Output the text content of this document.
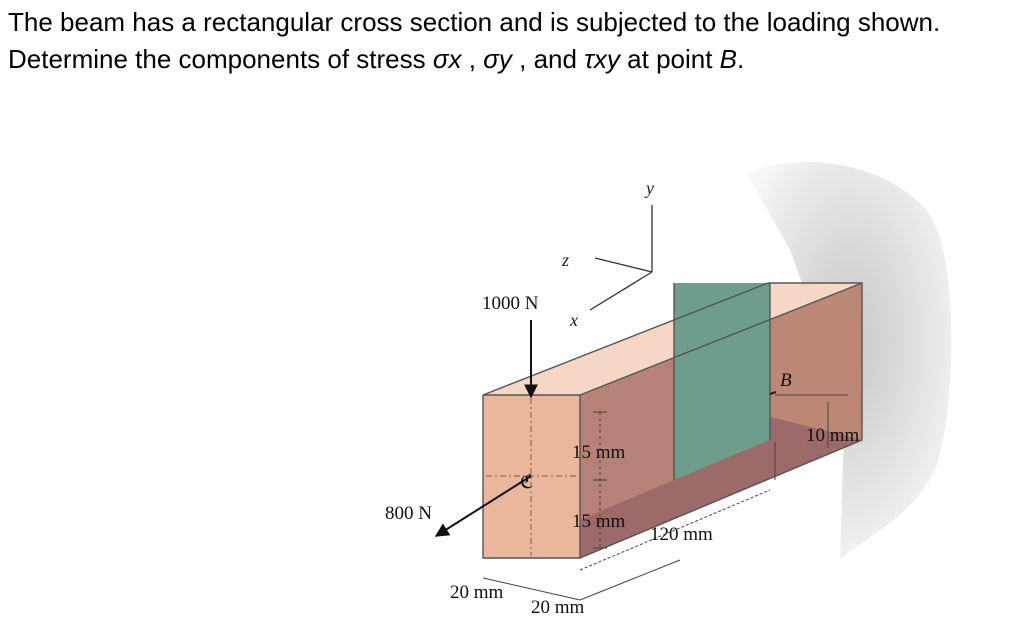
The beam has a rectangular cross section and is subjected to the loading shown. Determine the components of stress σx , σy , and τxy at point B.

ℭ
y
z
x
1000 N
800 N
15 mm
15 mm
120 mm
10 mm
20 mm
20 mm
B
